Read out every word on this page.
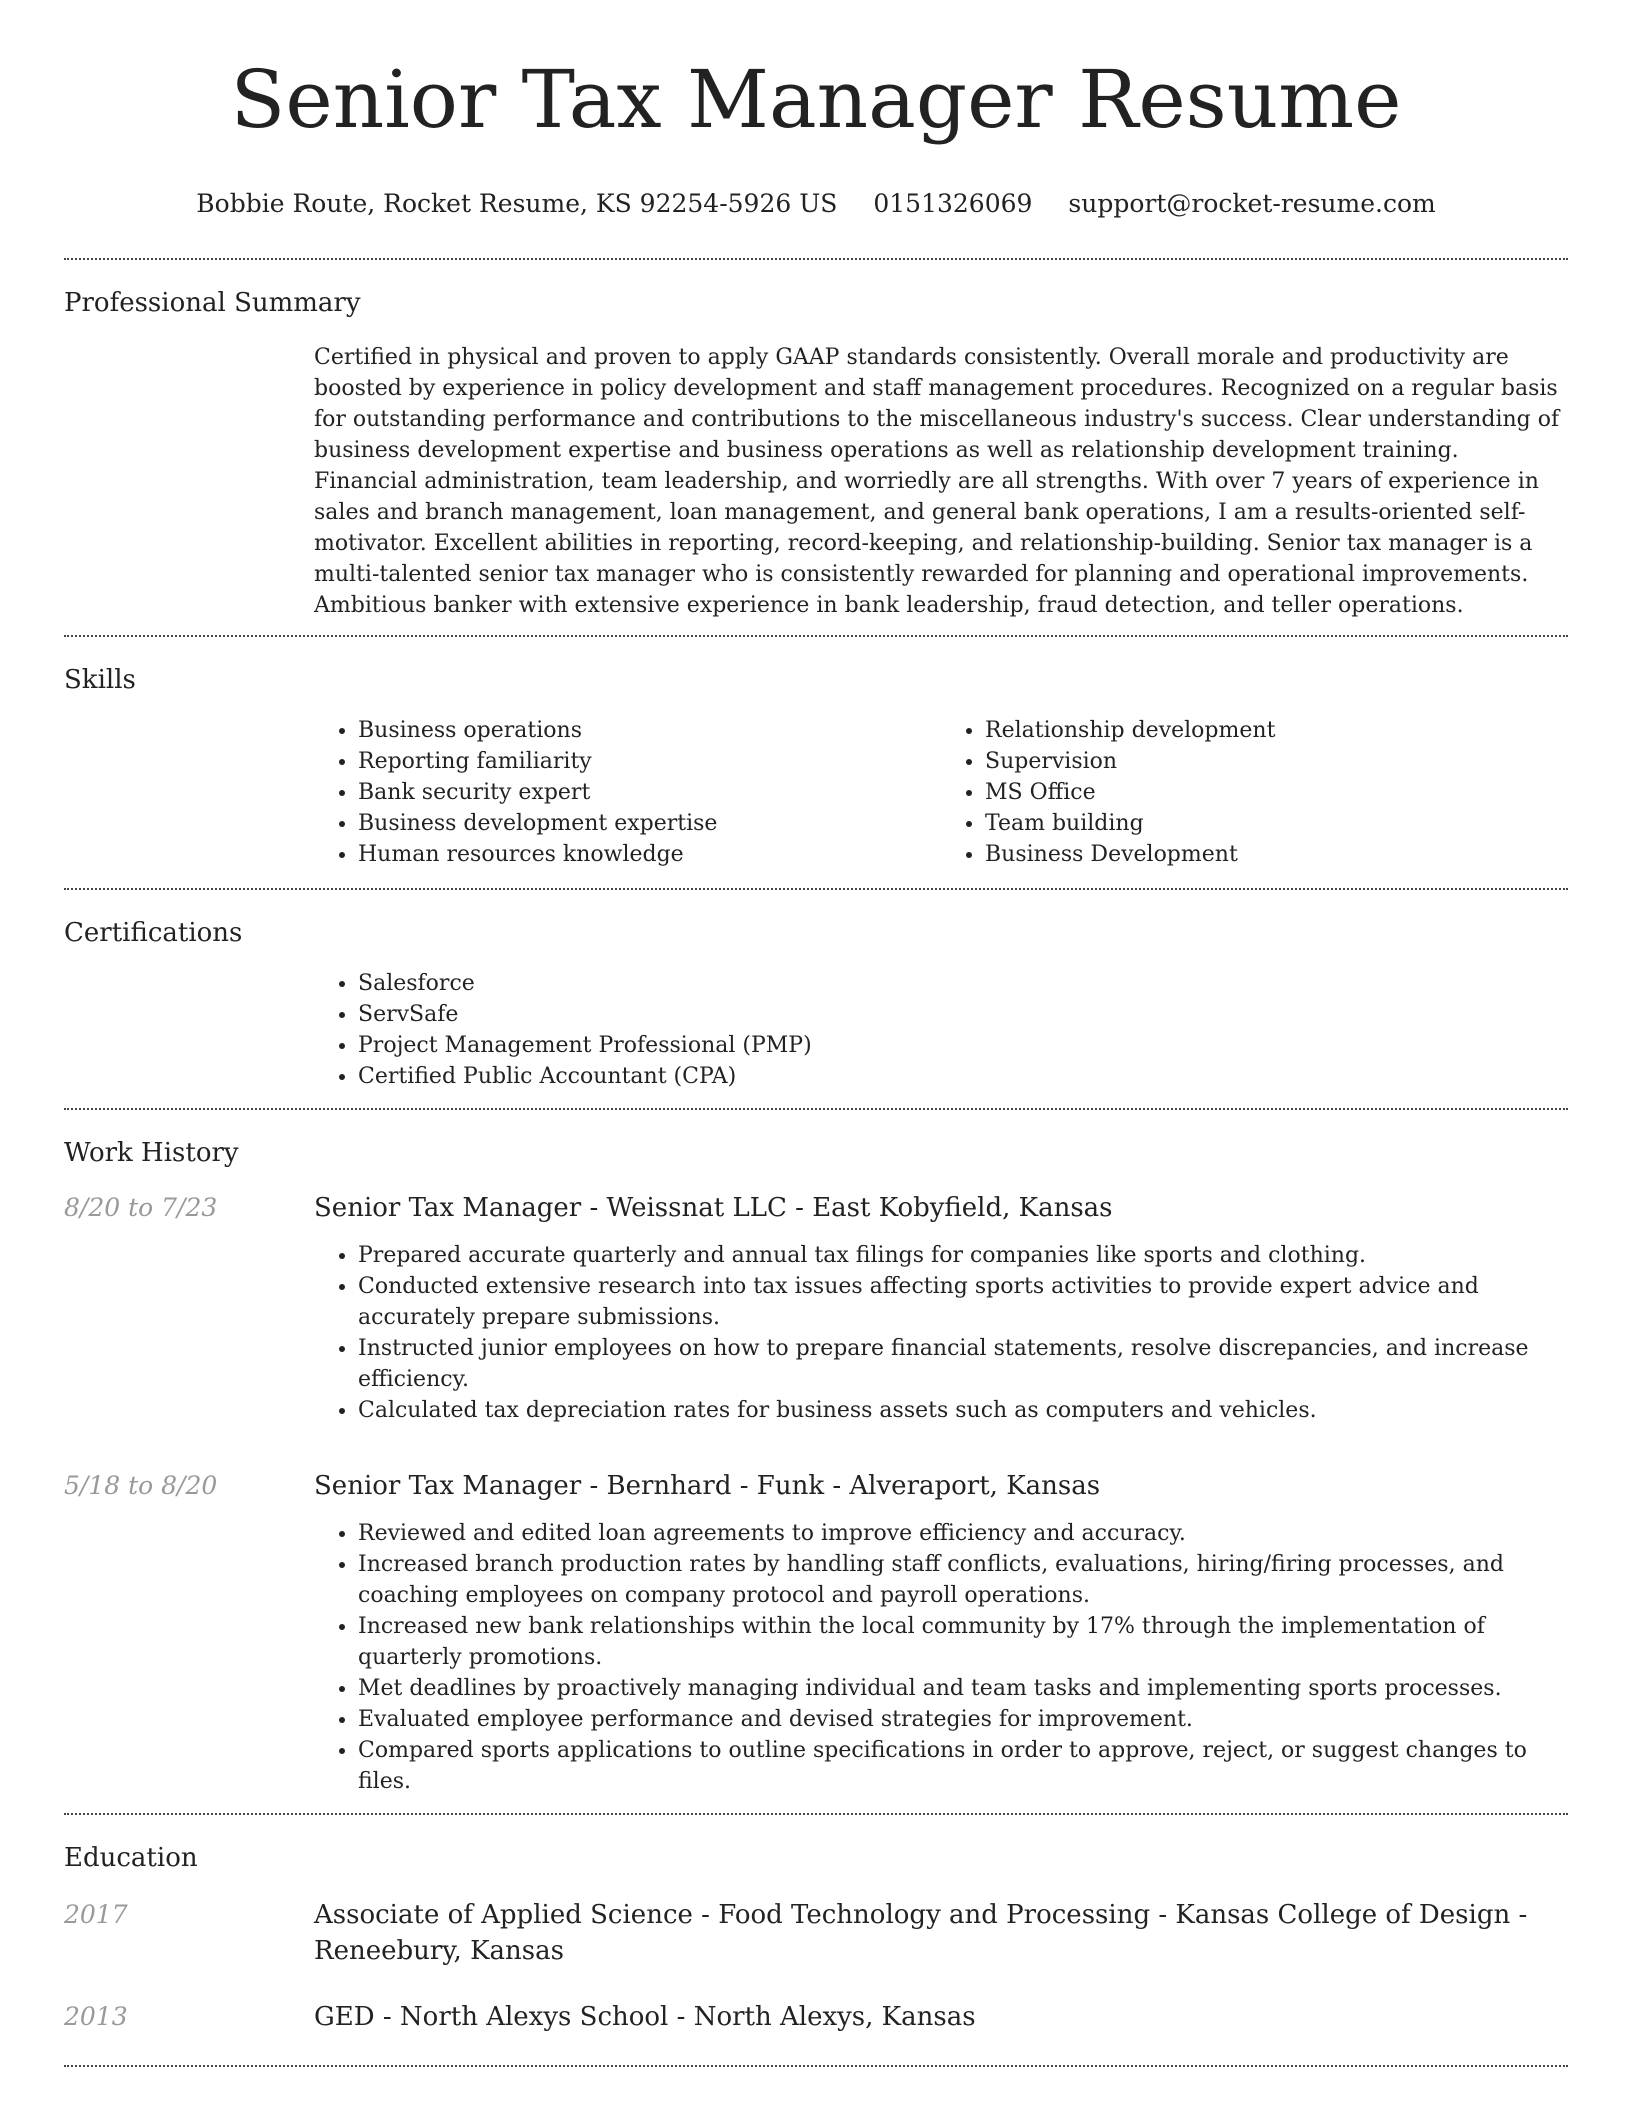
Senior Tax Manager Resume
Bobbie Route, Rocket Resume, KS 92254-5926 US 0151326069 support@rocket-resume.com
Professional Summary
Certified in physical and proven to apply GAAP standards consistently. Overall morale and productivity are boosted by experience in policy development and staff management procedures. Recognized on a regular basis for outstanding performance and contributions to the miscellaneous industry's success. Clear understanding of business development expertise and business operations as well as relationship development training. Financial administration, team leadership, and worriedly are all strengths. With over 7 years of experience in sales and branch management, loan management, and general bank operations, I am a results-oriented self-motivator. Excellent abilities in reporting, record-keeping, and relationship-building. Senior tax manager is a multi-talented senior tax manager who is consistently rewarded for planning and operational improvements. Ambitious banker with extensive experience in bank leadership, fraud detection, and teller operations.
Skills
• Business operations
• Reporting familiarity
• Bank security expert
• Business development expertise
• Human resources knowledge
• Relationship development
• Supervision
• MS Office
• Team building
• Business Development
Certifications
• Salesforce
• ServSafe
• Project Management Professional (PMP)
• Certified Public Accountant (CPA)
Work History
8/20 to 7/23	Senior Tax Manager - Weissnat LLC - East Kobyfield, Kansas
• Prepared accurate quarterly and annual tax filings for companies like sports and clothing.
• Conducted extensive research into tax issues affecting sports activities to provide expert advice and accurately prepare submissions.
• Instructed junior employees on how to prepare financial statements, resolve discrepancies, and increase efficiency.
• Calculated tax depreciation rates for business assets such as computers and vehicles.
5/18 to 8/20	Senior Tax Manager - Bernhard - Funk - Alveraport, Kansas
• Reviewed and edited loan agreements to improve efficiency and accuracy.
• Increased branch production rates by handling staff conflicts, evaluations, hiring/firing processes, and coaching employees on company protocol and payroll operations.
• Increased new bank relationships within the local community by 17% through the implementation of quarterly promotions.
• Met deadlines by proactively managing individual and team tasks and implementing sports processes.
• Evaluated employee performance and devised strategies for improvement.
• Compared sports applications to outline specifications in order to approve, reject, or suggest changes to files.
Education
2017	Associate of Applied Science - Food Technology and Processing - Kansas College of Design - Reneebury, Kansas
2013	GED - North Alexys School - North Alexys, Kansas
